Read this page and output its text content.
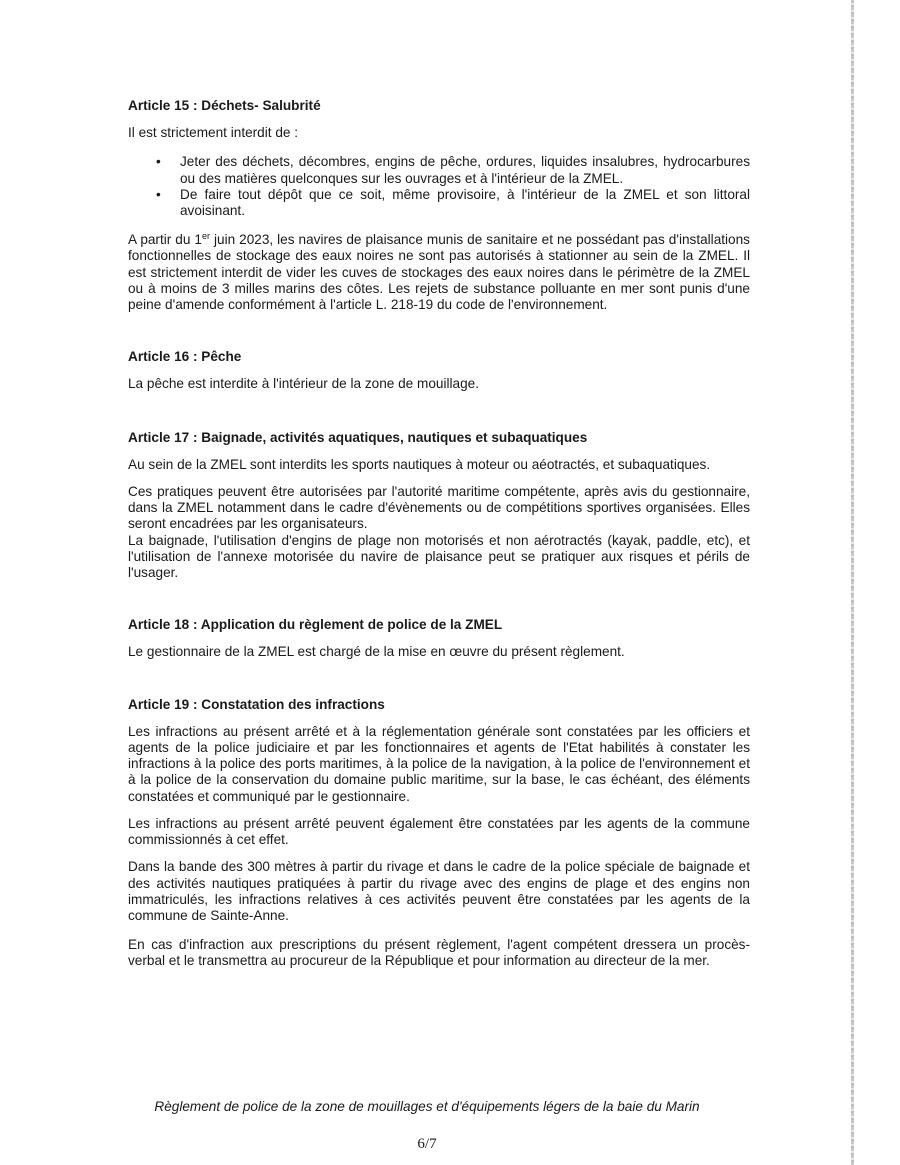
Article 15 : Déchets- Salubrité

Il est strictement interdit de :

• Jeter des déchets, décombres, engins de pêche, ordures, liquides insalubres, hydrocarbures ou des matières quelconques sur les ouvrages et à l'intérieur de la ZMEL.
• De faire tout dépôt que ce soit, même provisoire, à l'intérieur de la ZMEL et son littoral avoisinant.

A partir du 1er juin 2023, les navires de plaisance munis de sanitaire et ne possédant pas d'installations fonctionnelles de stockage des eaux noires ne sont pas autorisés à stationner au sein de la ZMEL. Il est strictement interdit de vider les cuves de stockages des eaux noires dans le périmètre de la ZMEL ou à moins de 3 milles marins des côtes. Les rejets de substance polluante en mer sont punis d'une peine d'amende conformément à l'article L. 218-19 du code de l'environnement.

Article 16 : Pêche

La pêche est interdite à l'intérieur de la zone de mouillage.

Article 17 : Baignade, activités aquatiques, nautiques et subaquatiques

Au sein de la ZMEL sont interdits les sports nautiques à moteur ou aéotractés, et subaquatiques.

Ces pratiques peuvent être autorisées par l'autorité maritime compétente, après avis du gestionnaire, dans la ZMEL notamment dans le cadre d'évènements ou de compétitions sportives organisées. Elles seront encadrées par les organisateurs.

La baignade, l'utilisation d'engins de plage non motorisés et non aérotractés (kayak, paddle, etc), et l'utilisation de l'annexe motorisée du navire de plaisance peut se pratiquer aux risques et périls de l'usager.

Article 18 : Application du règlement de police de la ZMEL

Le gestionnaire de la ZMEL est chargé de la mise en œuvre du présent règlement.

Article 19 : Constatation des infractions

Les infractions au présent arrêté et à la réglementation générale sont constatées par les officiers et agents de la police judiciaire et par les fonctionnaires et agents de l'Etat habilités à constater les infractions à la police des ports maritimes, à la police de la navigation, à la police de l'environnement et à la police de la conservation du domaine public maritime, sur la base, le cas échéant, des éléments constatées et communiqué par le gestionnaire.

Les infractions au présent arrêté peuvent également être constatées par les agents de la commune commissionnés à cet effet.

Dans la bande des 300 mètres à partir du rivage et dans le cadre de la police spéciale de baignade et des activités nautiques pratiquées à partir du rivage avec des engins de plage et des engins non immatriculés, les infractions relatives à ces activités peuvent être constatées par les agents de la commune de Sainte-Anne.

En cas d'infraction aux prescriptions du présent règlement, l'agent compétent dressera un procès-verbal et le transmettra au procureur de la République et pour information au directeur de la mer.

Règlement de police de la zone de mouillages et d'équipements légers de la baie du Marin
6/7
